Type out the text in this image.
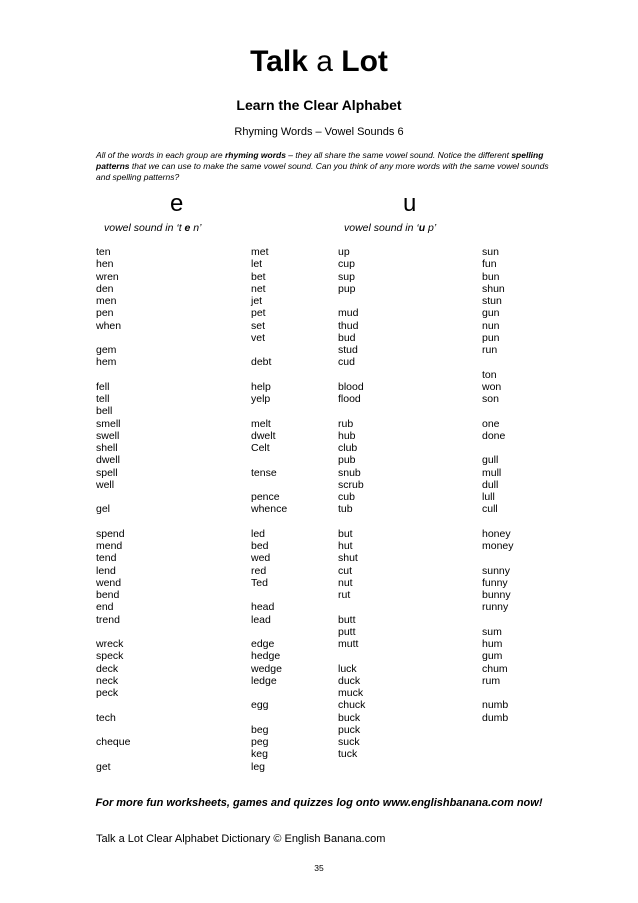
Talk a Lot
Learn the Clear Alphabet
Rhyming Words – Vowel Sounds 6
All of the words in each group are rhyming words – they all share the same vowel sound. Notice the different spelling patterns that we can use to make the same vowel sound. Can you think of any more words with the same vowel sounds and spelling patterns?
e
vowel sound in ‘t e n’
u
vowel sound in ‘u p’
ten
hen
wren
den
men
pen
when
gem
hem
fell
tell
bell
smell
swell
shell
dwell
spell
well
gel
spend
mend
tend
lend
wend
bend
end
trend
wreck
speck
deck
neck
peck
tech
cheque
get
met
let
bet
net
jet
pet
set
vet
debt
help
yelp
melt
dwelt
Celt
tense
pence
whence
led
bed
wed
red
Ted
head
lead
edge
hedge
wedge
ledge
egg
beg
peg
keg
leg
up
cup
sup
pup
mud
thud
bud
stud
cud
blood
flood
rub
hub
club
pub
snub
scrub
cub
tub
but
hut
shut
cut
nut
rut
butt
putt
mutt
luck
duck
muck
chuck
buck
puck
suck
tuck
sun
fun
bun
shun
stun
gun
nun
pun
run
ton
won
son
one
done
gull
mull
dull
lull
cull
honey
money
sunny
funny
bunny
runny
sum
hum
gum
chum
rum
numb
dumb
For more fun worksheets, games and quizzes log onto www.englishbanana.com now!
Talk a Lot Clear Alphabet Dictionary © English Banana.com
35
